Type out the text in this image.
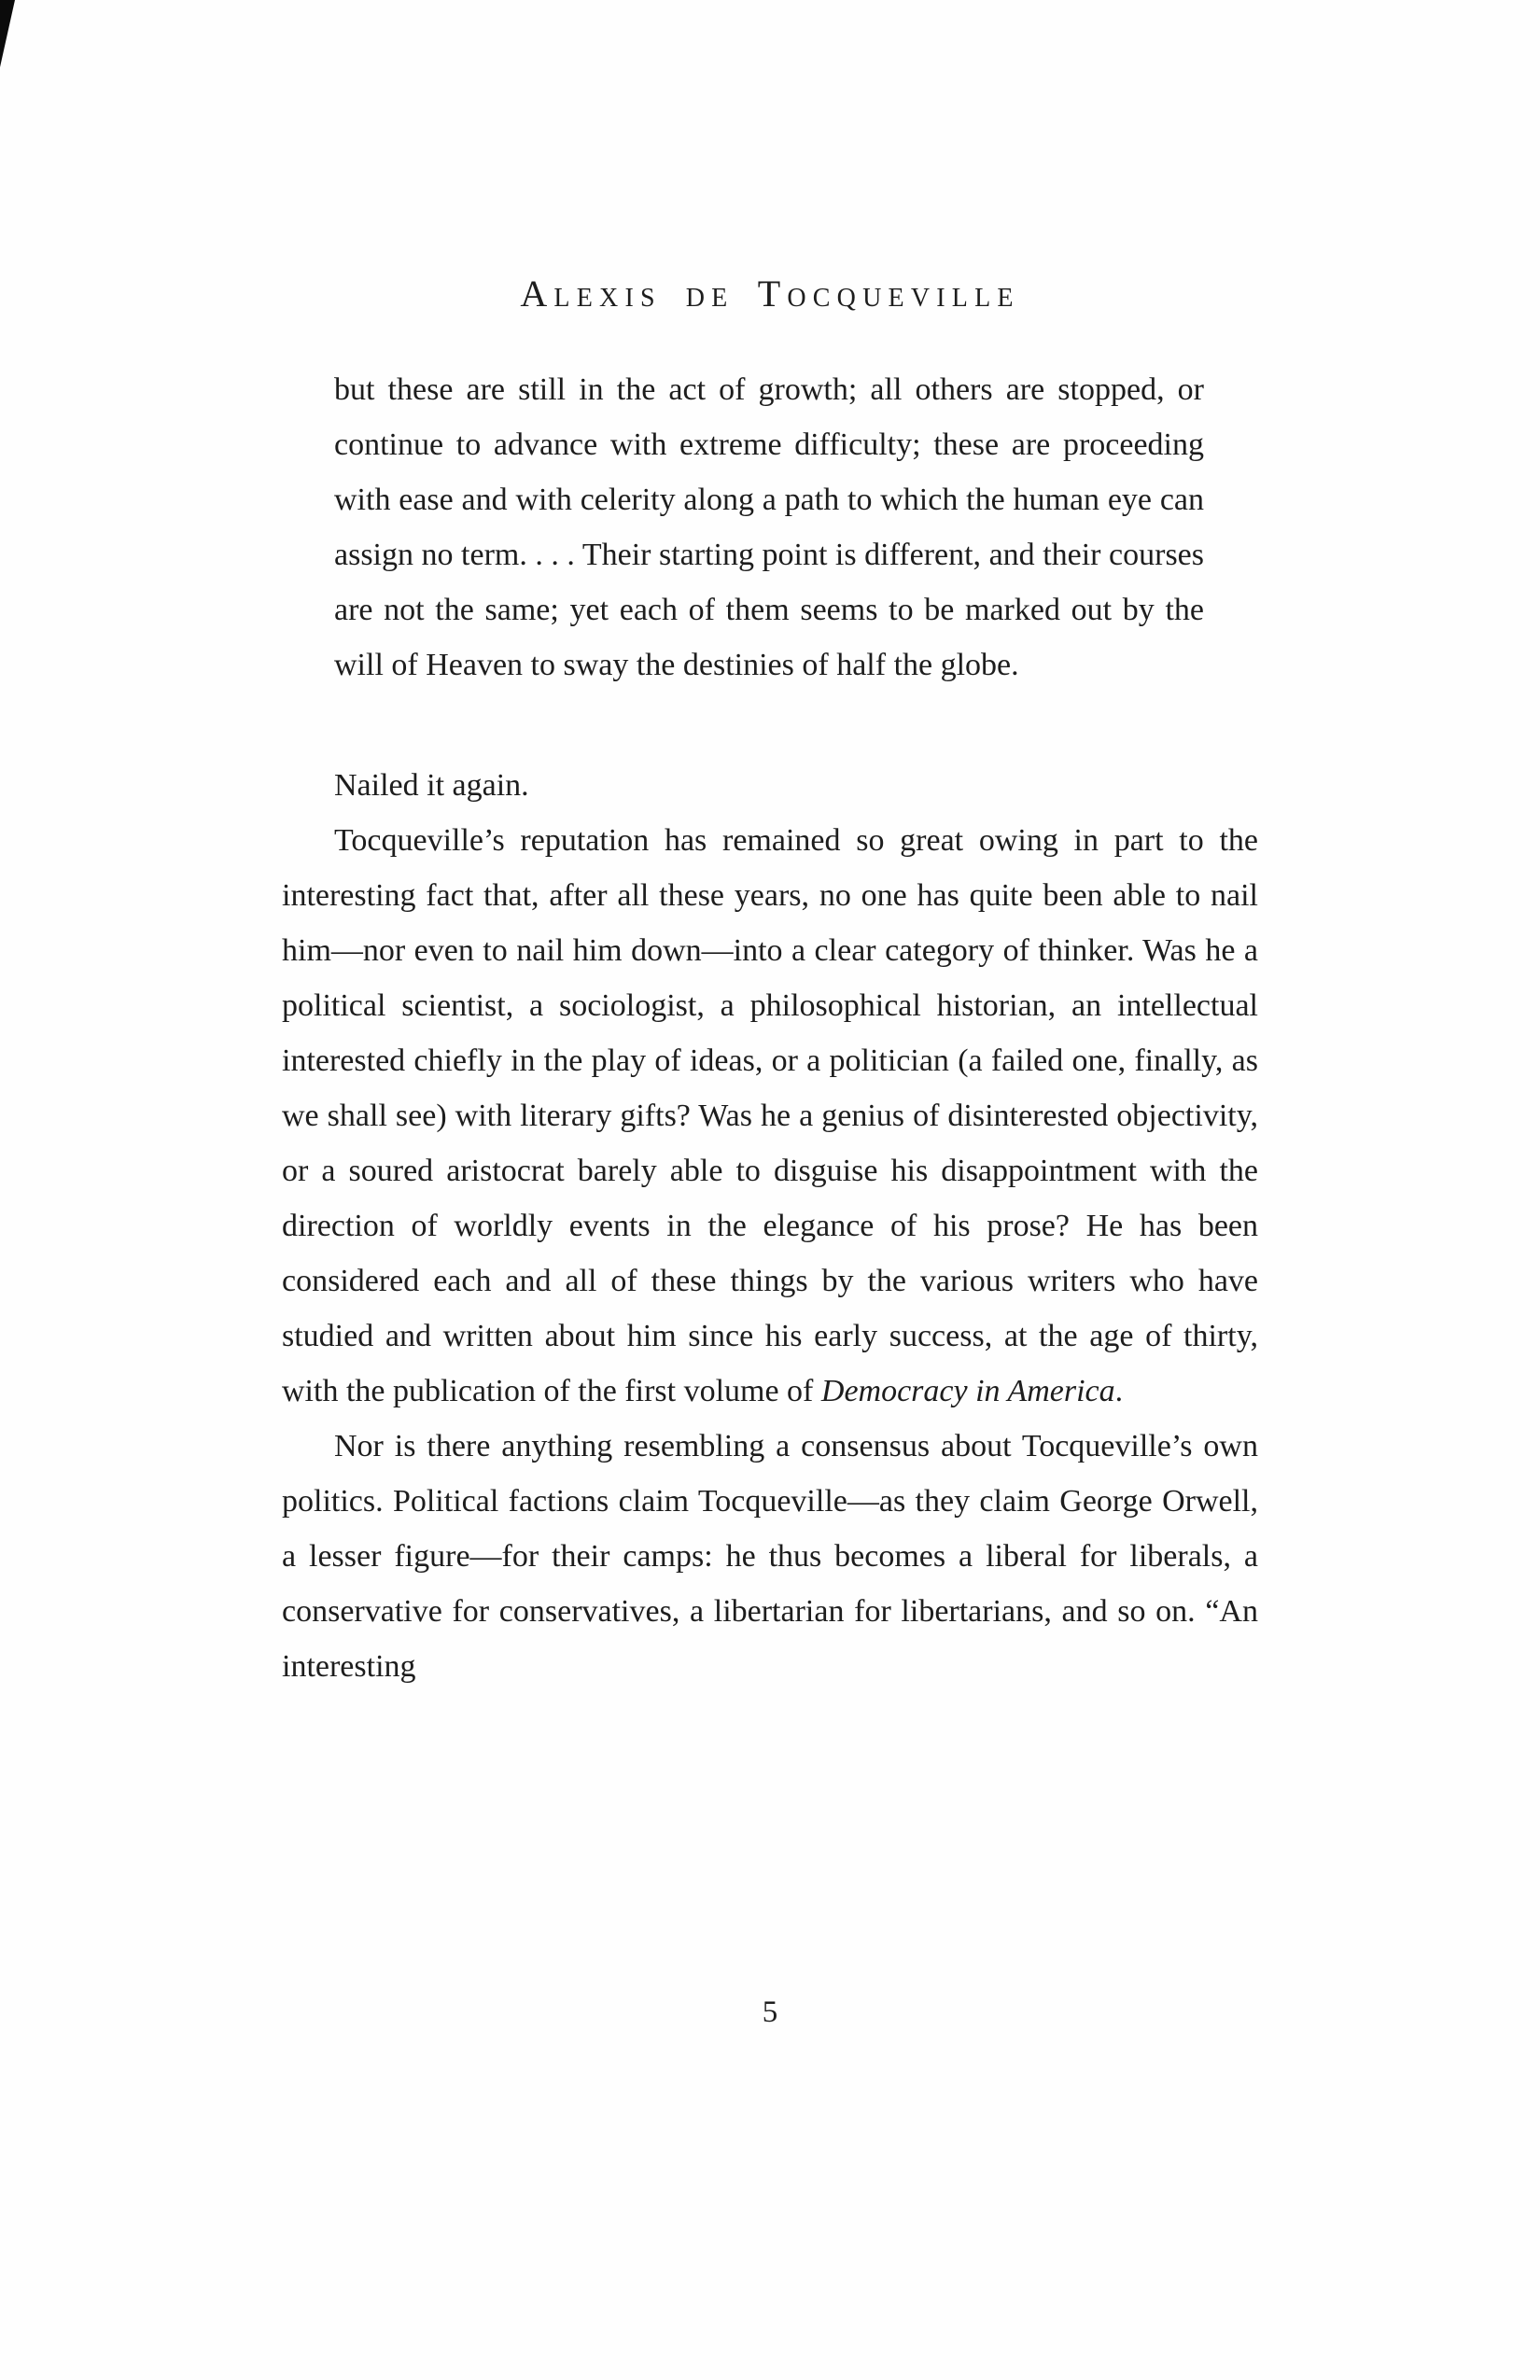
Alexis de Tocqueville
but these are still in the act of growth; all others are stopped, or continue to advance with extreme difficulty; these are proceeding with ease and with celerity along a path to which the human eye can assign no term. . . . Their starting point is different, and their courses are not the same; yet each of them seems to be marked out by the will of Heaven to sway the destinies of half the globe.

Nailed it again.

Tocqueville’s reputation has remained so great owing in part to the interesting fact that, after all these years, no one has quite been able to nail him—nor even to nail him down—into a clear category of thinker. Was he a political scientist, a sociologist, a philosophical historian, an intellectual interested chiefly in the play of ideas, or a politician (a failed one, finally, as we shall see) with literary gifts? Was he a genius of disinterested objectivity, or a soured aristocrat barely able to disguise his disappointment with the direction of worldly events in the elegance of his prose? He has been considered each and all of these things by the various writers who have studied and written about him since his early success, at the age of thirty, with the publication of the first volume of Democracy in America.

Nor is there anything resembling a consensus about Tocqueville’s own politics. Political factions claim Tocqueville—as they claim George Orwell, a lesser figure—for their camps: he thus becomes a liberal for liberals, a conservative for conservatives, a libertarian for libertarians, and so on. “An interesting

5
